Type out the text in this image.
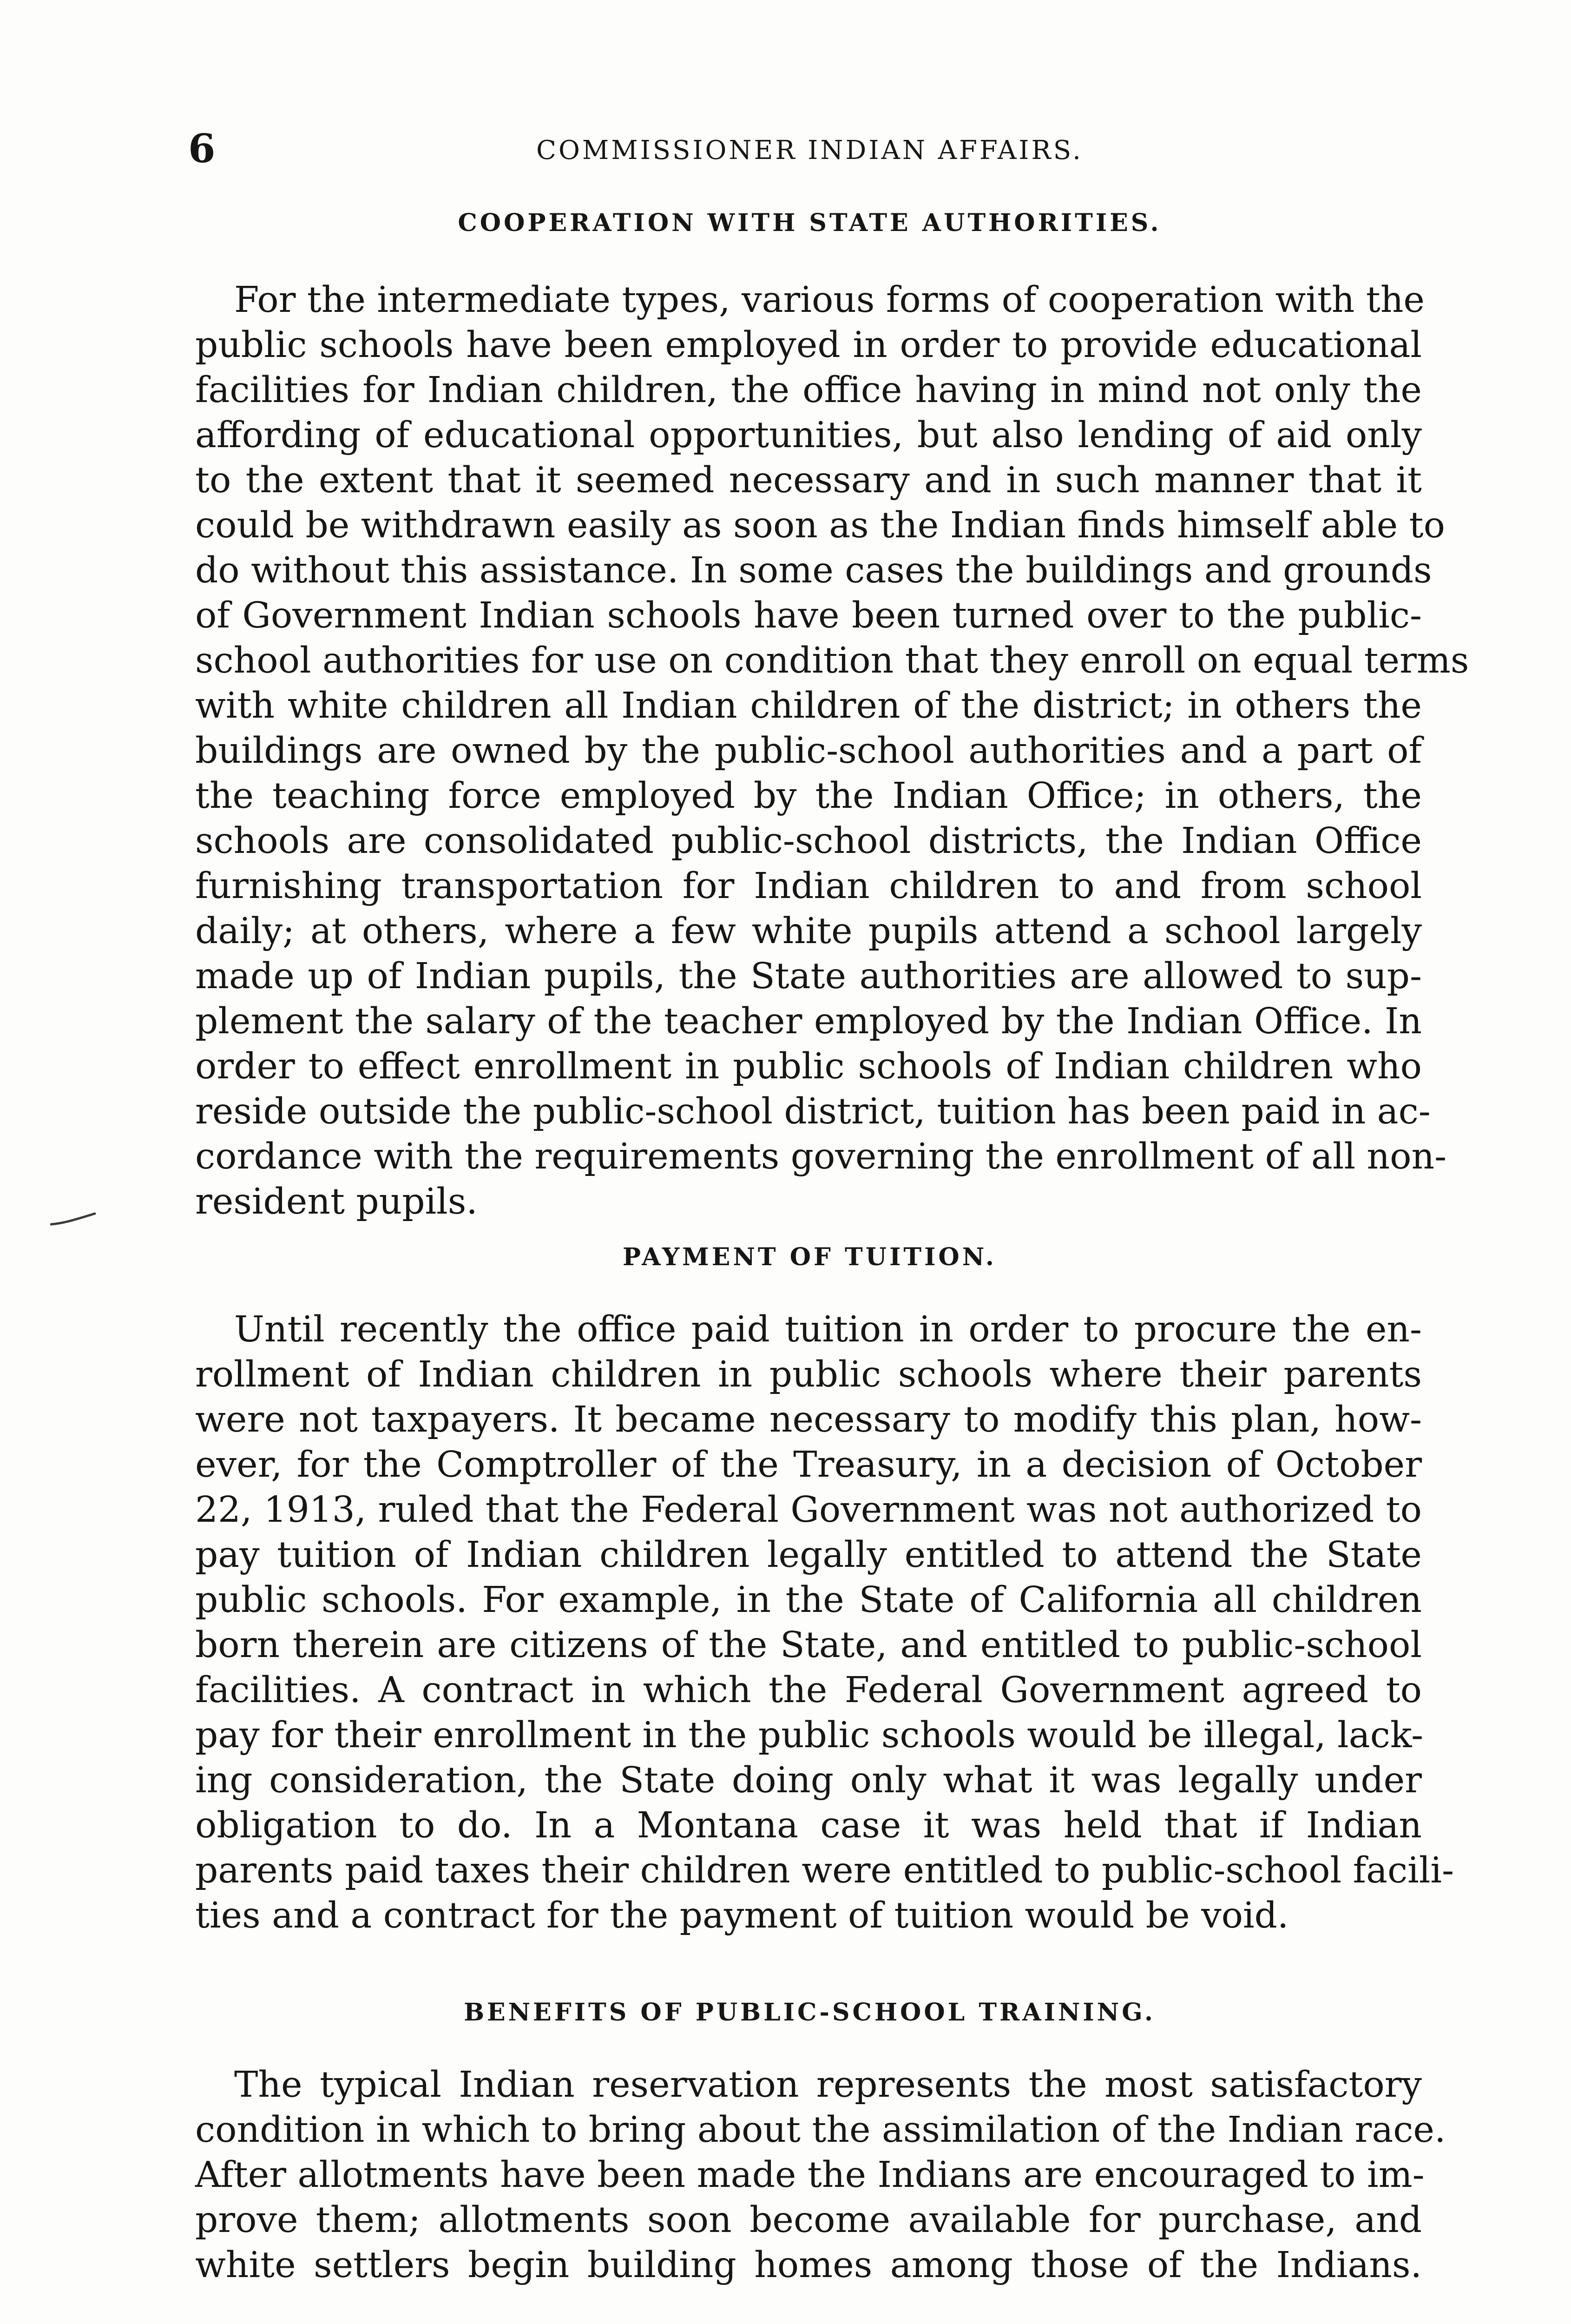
6	COMMISSIONER INDIAN AFFAIRS.
COOPERATION WITH STATE AUTHORITIES.
For the intermediate types, various forms of cooperation with the
public schools have been employed in order to provide educational
facilities for Indian children, the office having in mind not only the
affording of educational opportunities, but also lending of aid only
to the extent that it seemed necessary and in such manner that it
could be withdrawn easily as soon as the Indian finds himself able to
do without this assistance. In some cases the buildings and grounds
of Government Indian schools have been turned over to the public-
school authorities for use on condition that they enroll on equal terms
with white children all Indian children of the district; in others the
buildings are owned by the public-school authorities and a part of
the teaching force employed by the Indian Office; in others, the
schools are consolidated public-school districts, the Indian Office
furnishing transportation for Indian children to and from school
daily; at others, where a few white pupils attend a school largely
made up of Indian pupils, the State authorities are allowed to sup-
plement the salary of the teacher employed by the Indian Office. In
order to effect enrollment in public schools of Indian children who
reside outside the public-school district, tuition has been paid in ac-
cordance with the requirements governing the enrollment of all non-
resident pupils.
PAYMENT OF TUITION.
Until recently the office paid tuition in order to procure the en-
rollment of Indian children in public schools where their parents
were not taxpayers. It became necessary to modify this plan, how-
ever, for the Comptroller of the Treasury, in a decision of October
22, 1913, ruled that the Federal Government was not authorized to
pay tuition of Indian children legally entitled to attend the State
public schools. For example, in the State of California all children
born therein are citizens of the State, and entitled to public-school
facilities. A contract in which the Federal Government agreed to
pay for their enrollment in the public schools would be illegal, lack-
ing consideration, the State doing only what it was legally under
obligation to do. In a Montana case it was held that if Indian
parents paid taxes their children were entitled to public-school facili-
ties and a contract for the payment of tuition would be void.
BENEFITS OF PUBLIC-SCHOOL TRAINING.
The typical Indian reservation represents the most satisfactory
condition in which to bring about the assimilation of the Indian race.
After allotments have been made the Indians are encouraged to im-
prove them; allotments soon become available for purchase, and
white settlers begin building homes among those of the Indians.
